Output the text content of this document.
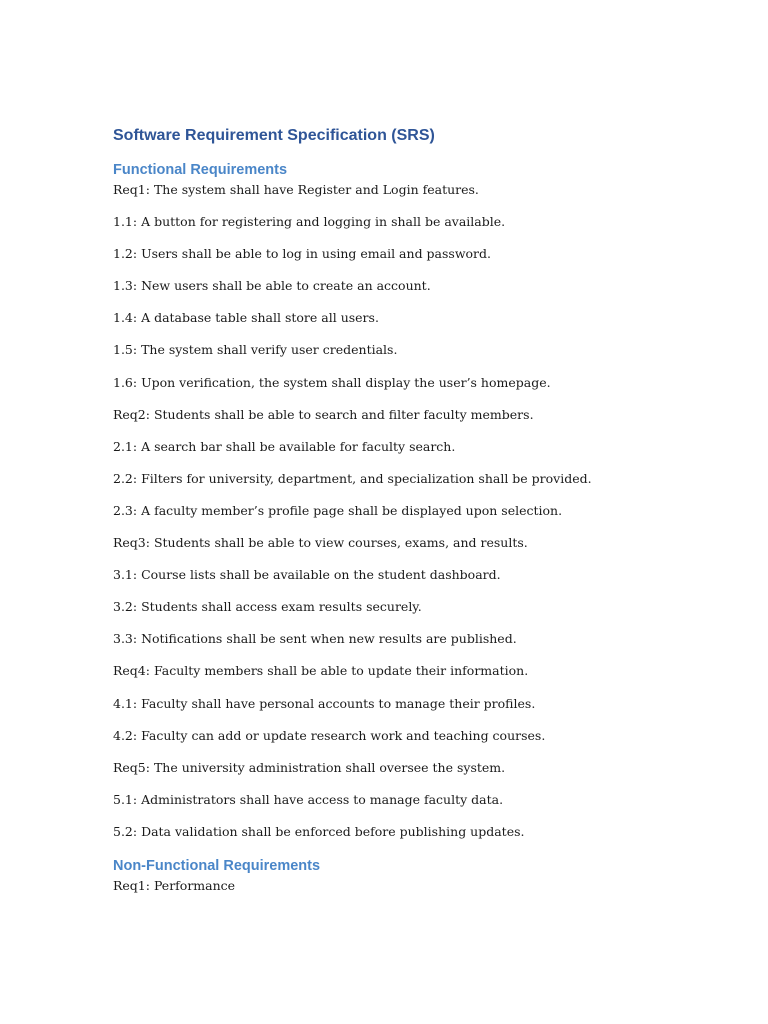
Software Requirement Specification (SRS)
Functional Requirements

Req1: The system shall have Register and Login features.

1.1: A button for registering and logging in shall be available.

1.2: Users shall be able to log in using email and password.

1.3: New users shall be able to create an account.

1.4: A database table shall store all users.

1.5: The system shall verify user credentials.

1.6: Upon verification, the system shall display the user’s homepage.

Req2: Students shall be able to search and filter faculty members.

2.1: A search bar shall be available for faculty search.

2.2: Filters for university, department, and specialization shall be provided.

2.3: A faculty member’s profile page shall be displayed upon selection.

Req3: Students shall be able to view courses, exams, and results.

3.1: Course lists shall be available on the student dashboard.

3.2: Students shall access exam results securely.

3.3: Notifications shall be sent when new results are published.

Req4: Faculty members shall be able to update their information.

4.1: Faculty shall have personal accounts to manage their profiles.

4.2: Faculty can add or update research work and teaching courses.

Req5: The university administration shall oversee the system.

5.1: Administrators shall have access to manage faculty data.

5.2: Data validation shall be enforced before publishing updates.

Non-Functional Requirements

Req1: Performance
